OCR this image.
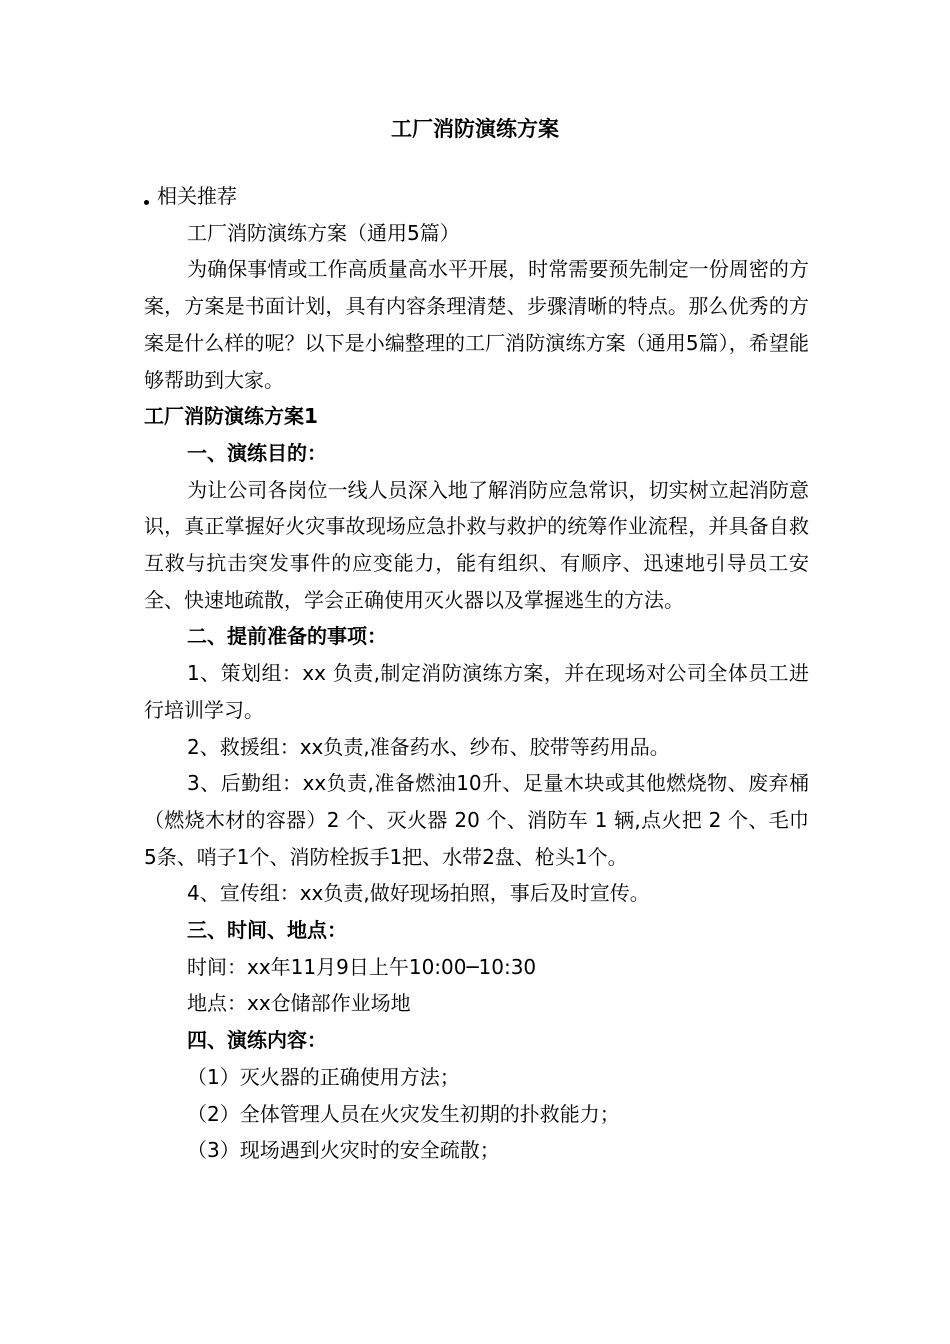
工厂消防演练方案

相关推荐

工厂消防演练方案（通用5篇）

为确保事情或工作高质量高水平开展，时常需要预先制定一份周密的方案，方案是书面计划，具有内容条理清楚、步骤清晰的特点。那么优秀的方案是什么样的呢？以下是小编整理的工厂消防演练方案（通用5篇），希望能够帮助到大家。

工厂消防演练方案1

一、演练目的：

为让公司各岗位一线人员深入地了解消防应急常识，切实树立起消防意识，真正掌握好火灾事故现场应急扑救与救护的统筹作业流程，并具备自救互救与抗击突发事件的应变能力，能有组织、有顺序、迅速地引导员工安全、快速地疏散，学会正确使用灭火器以及掌握逃生的方法。

二、提前准备的事项：

1、策划组：xx 负责,制定消防演练方案，并在现场对公司全体员工进行培训学习。

2、救援组：xx负责,准备药水、纱布、胶带等药用品。

3、后勤组：xx负责,准备燃油10升、足量木块或其他燃烧物、废弃桶（燃烧木材的容器）2 个、灭火器 20 个、消防车 1 辆,点火把 2 个、毛巾5条、哨子1个、消防栓扳手1把、水带2盘、枪头1个。

4、宣传组：xx负责,做好现场拍照，事后及时宣传。

三、时间、地点：

时间：xx年11月9日上午10:00─10:30

地点：xx仓储部作业场地

四、演练内容：

（1）灭火器的正确使用方法；

（2）全体管理人员在火灾发生初期的扑救能力；

（3）现场遇到火灾时的安全疏散；
